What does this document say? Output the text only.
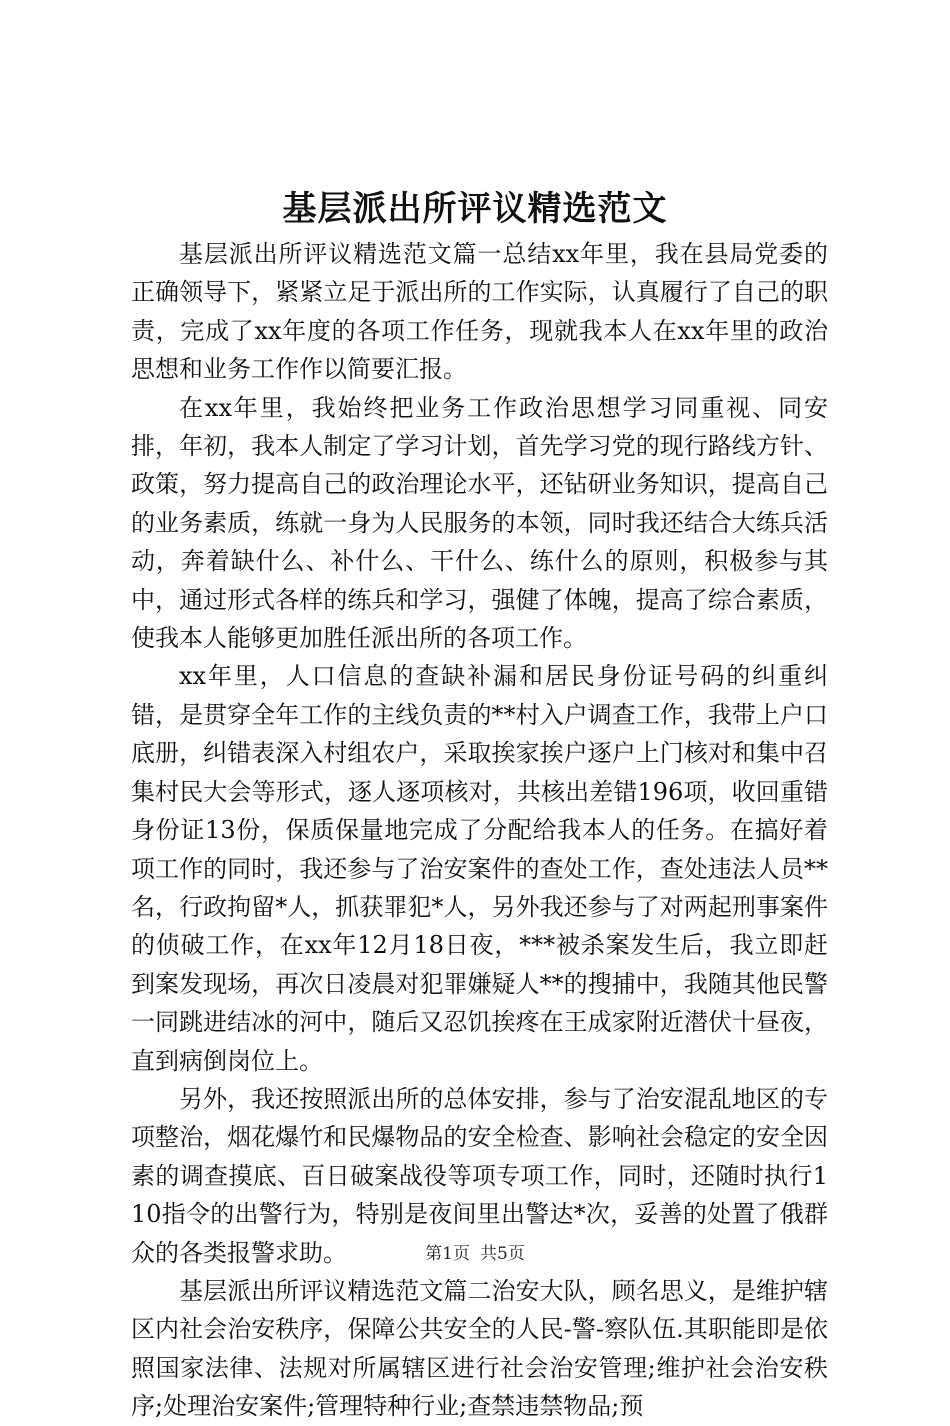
基层派出所评议精选范文

基层派出所评议精选范文篇一总结xx年里，我在县局党委的正确领导下，紧紧立足于派出所的工作实际，认真履行了自己的职责，完成了xx年度的各项工作任务，现就我本人在xx年里的政治思想和业务工作作以简要汇报。

在xx年里，我始终把业务工作政治思想学习同重视、同安排，年初，我本人制定了学习计划，首先学习党的现行路线方针、政策，努力提高自己的政治理论水平，还钻研业务知识，提高自己的业务素质，练就一身为人民服务的本领，同时我还结合大练兵活动，奔着缺什么、补什么、干什么、练什么的原则，积极参与其中，通过形式各样的练兵和学习，强健了体魄，提高了综合素质，使我本人能够更加胜任派出所的各项工作。

xx年里，人口信息的查缺补漏和居民身份证号码的纠重纠错，是贯穿全年工作的主线负责的**村入户调查工作，我带上户口底册，纠错表深入村组农户，采取挨家挨户逐户上门核对和集中召集村民大会等形式，逐人逐项核对，共核出差错196项，收回重错身份证13份，保质保量地完成了分配给我本人的任务。在搞好着项工作的同时，我还参与了治安案件的查处工作，查处违法人员**名，行政拘留*人，抓获罪犯*人，另外我还参与了对两起刑事案件的侦破工作，在xx年12月18日夜，***被杀案发生后，我立即赶到案发现场，再次日凌晨对犯罪嫌疑人**的搜捕中，我随其他民警一同跳进结冰的河中，随后又忍饥挨疼在王成家附近潜伏十昼夜，直到病倒岗位上。

另外，我还按照派出所的总体安排，参与了治安混乱地区的专项整治，烟花爆竹和民爆物品的安全检查、影响社会稳定的安全因素的调查摸底、百日破案战役等项专项工作，同时，还随时执行110指令的出警行为，特别是夜间里出警达*次，妥善的处置了俄群众的各类报警求助。

基层派出所评议精选范文篇二治安大队，顾名思义，是维护辖区内社会治安秩序，保障公共安全的人民-警-察队伍.其职能即是依照国家法律、法规对所属辖区进行社会治安管理;维护社会治安秩序;处理治安案件;管理特种行业;查禁违禁物品;预

第1页 共5页
